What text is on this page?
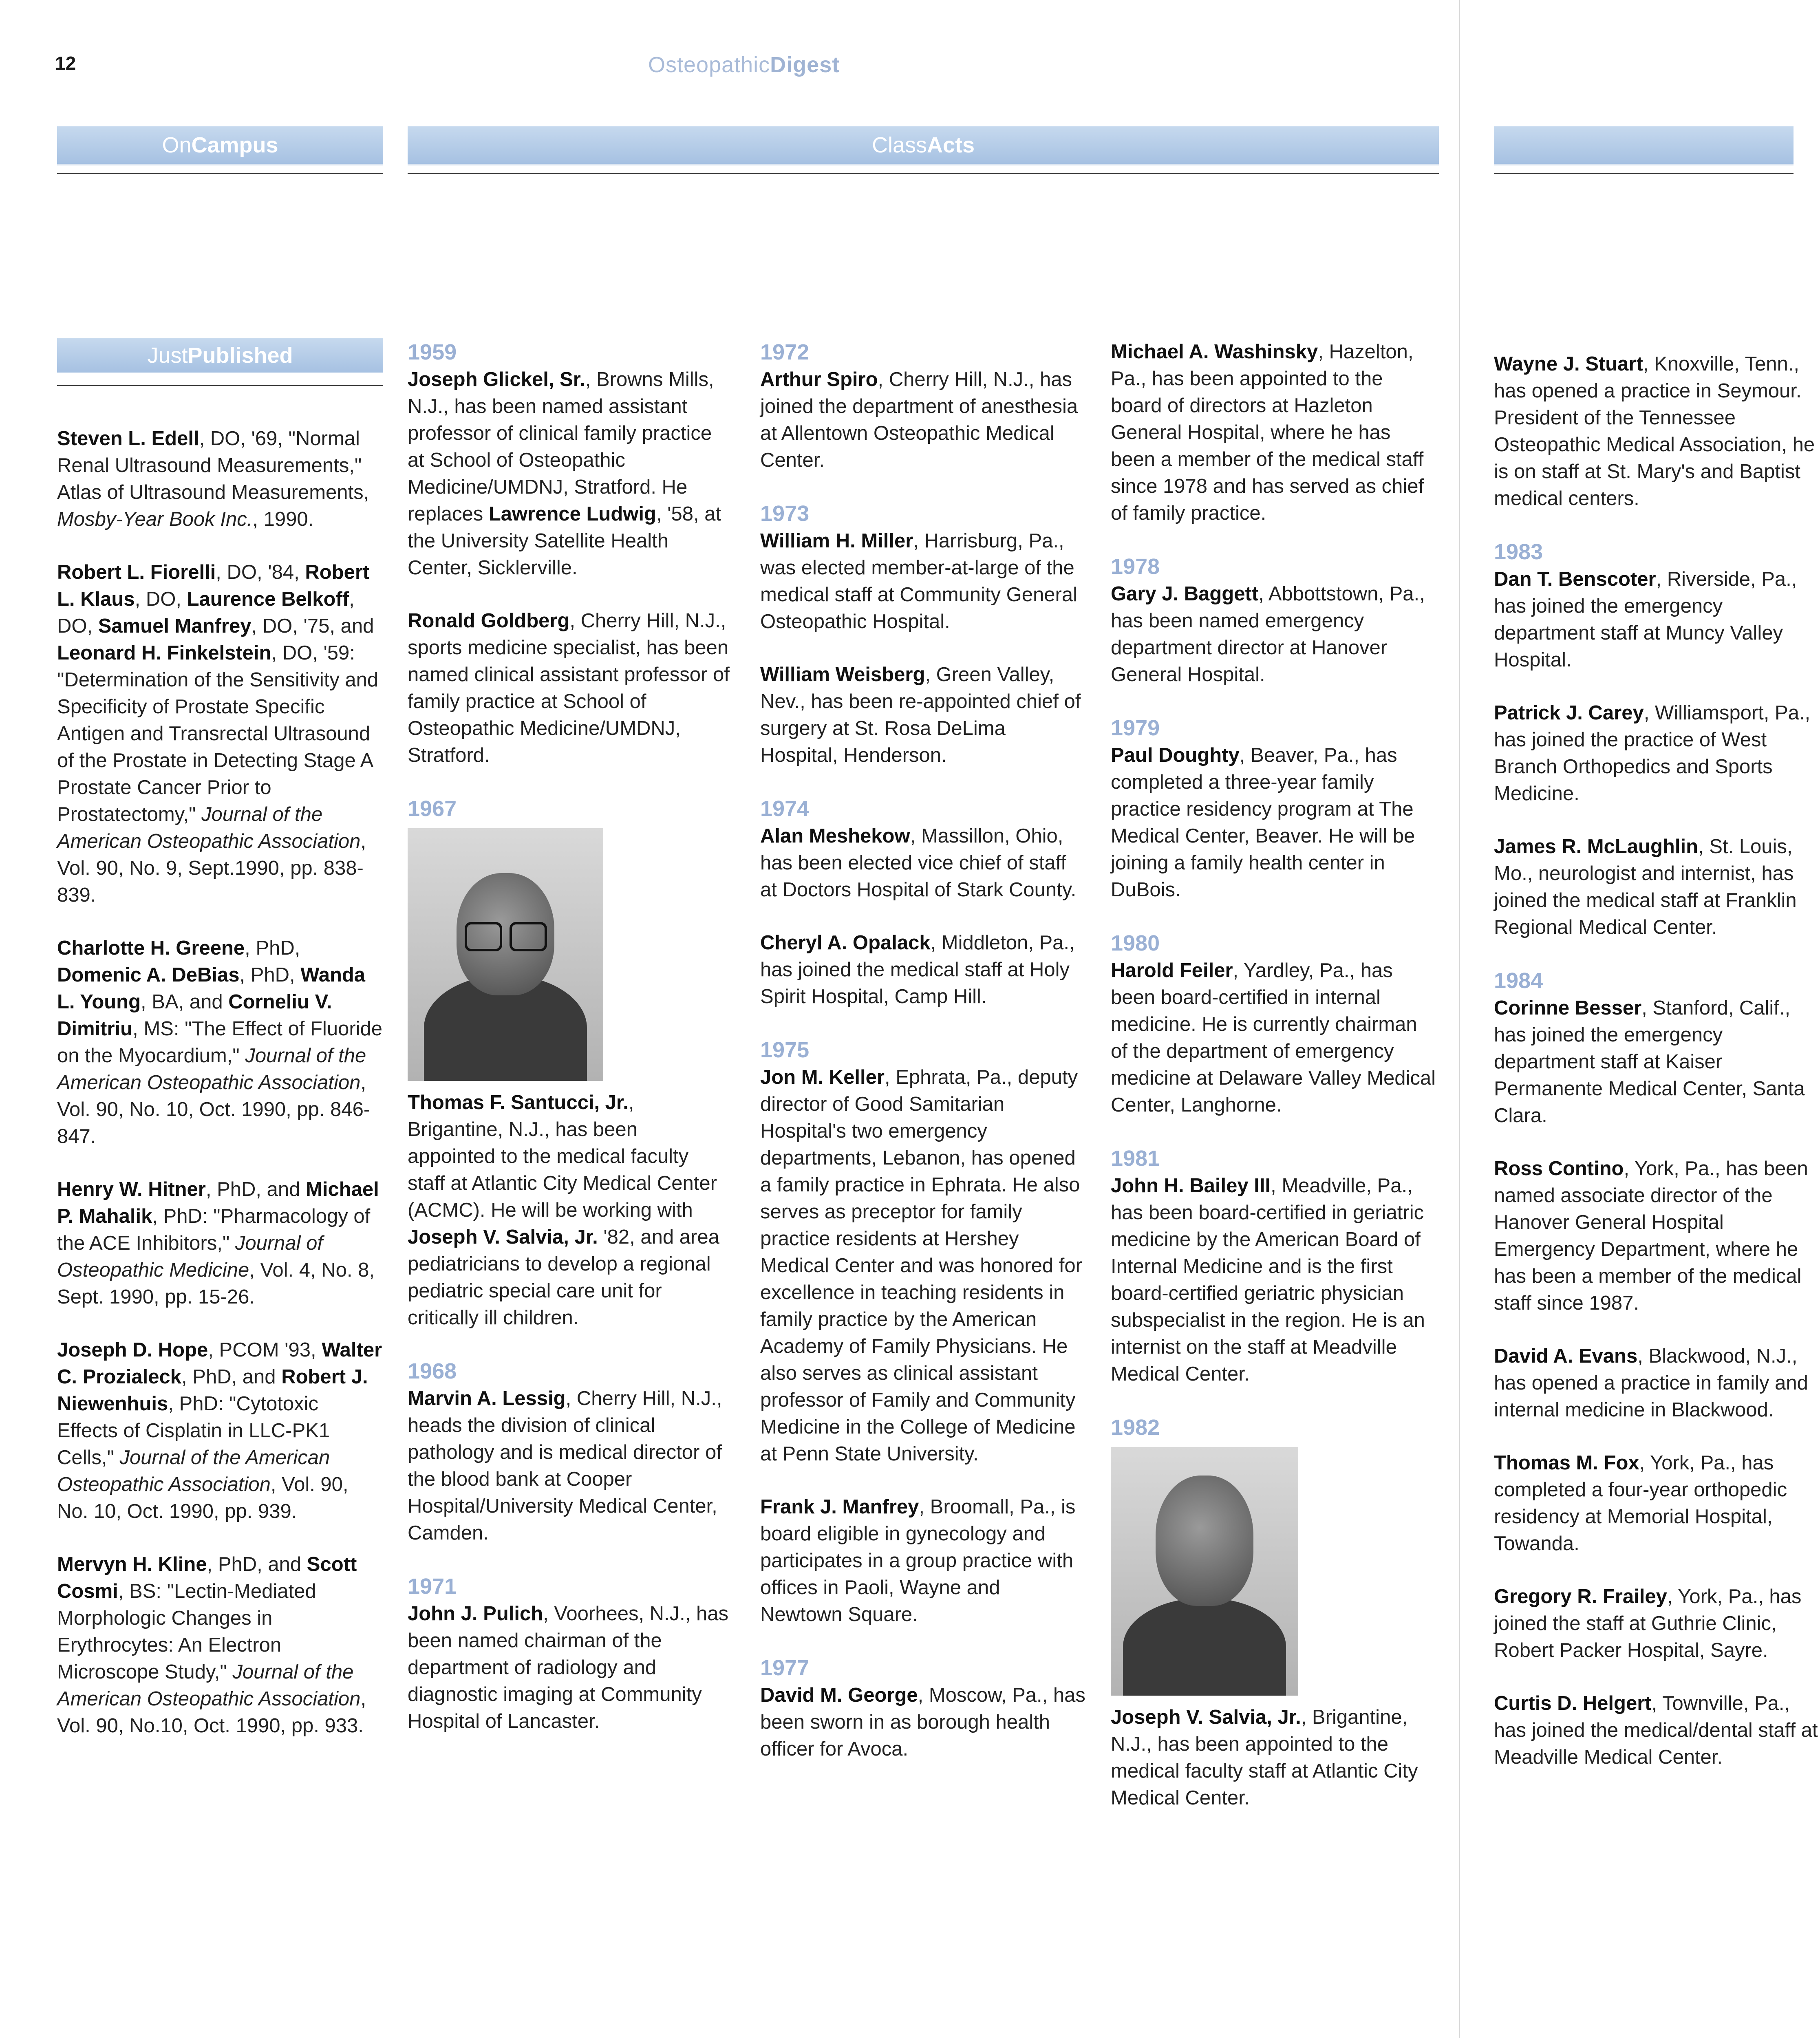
12	OsteopathicDigest
On Campus	Class Acts
Just Published
Steven L. Edell, DO, '69, "Normal Renal Ultrasound Measurements," Atlas of Ultrasound Measurements, Mosby-Year Book Inc., 1990.
Robert L. Fiorelli, DO, '84, Robert L. Klaus, DO, Laurence Belkoff, DO, Samuel Manfrey, DO, '75, and Leonard H. Finkelstein, DO, '59: "Determination of the Sensitivity and Specificity of Prostate Specific Antigen and Transrectal Ultrasound of the Prostate in Detecting Stage A Prostate Cancer Prior to Prostatectomy," Journal of the American Osteopathic Association, Vol. 90, No. 9, Sept.1990, pp. 838-839.
Charlotte H. Greene, PhD, Domenic A. DeBias, PhD, Wanda L. Young, BA, and Corneliu V. Dimitriu, MS: "The Effect of Fluoride on the Myocardium," Journal of the American Osteopathic Association, Vol. 90, No. 10, Oct. 1990, pp. 846-847.
Henry W. Hitner, PhD, and Michael P. Mahalik, PhD: "Pharmacology of the ACE Inhibitors," Journal of Osteopathic Medicine, Vol. 4, No. 8, Sept. 1990, pp. 15-26.
Joseph D. Hope, PCOM '93, Walter C. Prozialeck, PhD, and Robert J. Niewenhuis, PhD: "Cytotoxic Effects of Cisplatin in LLC-PK1 Cells," Journal of the American Osteopathic Association, Vol. 90, No. 10, Oct. 1990, pp. 939.
Mervyn H. Kline, PhD, and Scott Cosmi, BS: "Lectin-Mediated Morphologic Changes in Erythrocytes: An Electron Microscope Study," Journal of the American Osteopathic Association, Vol. 90, No.10, Oct. 1990, pp. 933.
1959
Joseph Glickel, Sr., Browns Mills, N.J., has been named assistant professor of clinical family practice at School of Osteopathic Medicine/UMDNJ, Stratford. He replaces Lawrence Ludwig, '58, at the University Satellite Health Center, Sicklerville.
Ronald Goldberg, Cherry Hill, N.J., sports medicine specialist, has been named clinical assistant professor of family practice at School of Osteopathic Medicine/UMDNJ, Stratford.
1967
Thomas F. Santucci, Jr., Brigantine, N.J., has been appointed to the medical faculty staff at Atlantic City Medical Center (ACMC). He will be working with Joseph V. Salvia, Jr. '82, and area pediatricians to develop a regional pediatric special care unit for critically ill children.
1968
Marvin A. Lessig, Cherry Hill, N.J., heads the division of clinical pathology and is medical director of the blood bank at Cooper Hospital/University Medical Center, Camden.
1971
John J. Pulich, Voorhees, N.J., has been named chairman of the department of radiology and diagnostic imaging at Community Hospital of Lancaster.
1972
Arthur Spiro, Cherry Hill, N.J., has joined the department of anesthesia at Allentown Osteopathic Medical Center.
1973
William H. Miller, Harrisburg, Pa., was elected member-at-large of the medical staff at Community General Osteopathic Hospital.
William Weisberg, Green Valley, Nev., has been re-appointed chief of surgery at St. Rosa DeLima Hospital, Henderson.
1974
Alan Meshekow, Massillon, Ohio, has been elected vice chief of staff at Doctors Hospital of Stark County.
Cheryl A. Opalack, Middleton, Pa., has joined the medical staff at Holy Spirit Hospital, Camp Hill.
1975
Jon M. Keller, Ephrata, Pa., deputy director of Good Samitarian Hospital's two emergency departments, Lebanon, has opened a family practice in Ephrata. He also serves as preceptor for family practice residents at Hershey Medical Center and was honored for excellence in teaching residents in family practice by the American Academy of Family Physicians. He also serves as clinical assistant professor of Family and Community Medicine in the College of Medicine at Penn State University.
Frank J. Manfrey, Broomall, Pa., is board eligible in gynecology and participates in a group practice with offices in Paoli, Wayne and Newtown Square.
1977
David M. George, Moscow, Pa., has been sworn in as borough health officer for Avoca.
Michael A. Washinsky, Hazelton, Pa., has been appointed to the board of directors at Hazleton General Hospital, where he has been a member of the medical staff since 1978 and has served as chief of family practice.
1978
Gary J. Baggett, Abbottstown, Pa., has been named emergency department director at Hanover General Hospital.
1979
Paul Doughty, Beaver, Pa., has completed a three-year family practice residency program at The Medical Center, Beaver. He will be joining a family health center in DuBois.
1980
Harold Feiler, Yardley, Pa., has been board-certified in internal medicine. He is currently chairman of the department of emergency medicine at Delaware Valley Medical Center, Langhorne.
1981
John H. Bailey III, Meadville, Pa., has been board-certified in geriatric medicine by the American Board of Internal Medicine and is the first board-certified geriatric physician subspecialist in the region. He is an internist on the staff at Meadville Medical Center.
1982
Joseph V. Salvia, Jr., Brigantine, N.J., has been appointed to the medical faculty staff at Atlantic City Medical Center.
Wayne J. Stuart, Knoxville, Tenn., has opened a practice in Seymour. President of the Tennessee Osteopathic Medical Association, he is on staff at St. Mary's and Baptist medical centers.
1983
Dan T. Benscoter, Riverside, Pa., has joined the emergency department staff at Muncy Valley Hospital.
Patrick J. Carey, Williamsport, Pa., has joined the practice of West Branch Orthopedics and Sports Medicine.
James R. McLaughlin, St. Louis, Mo., neurologist and internist, has joined the medical staff at Franklin Regional Medical Center.
1984
Corinne Besser, Stanford, Calif., has joined the emergency department staff at Kaiser Permanente Medical Center, Santa Clara.
Ross Contino, York, Pa., has been named associate director of the Hanover General Hospital Emergency Department, where he has been a member of the medical staff since 1987.
David A. Evans, Blackwood, N.J., has opened a practice in family and internal medicine in Blackwood.
Thomas M. Fox, York, Pa., has completed a four-year orthopedic residency at Memorial Hospital, Towanda.
Gregory R. Frailey, York, Pa., has joined the staff at Guthrie Clinic, Robert Packer Hospital, Sayre.
Curtis D. Helgert, Townville, Pa., has joined the medical/dental staff at Meadville Medical Center.
